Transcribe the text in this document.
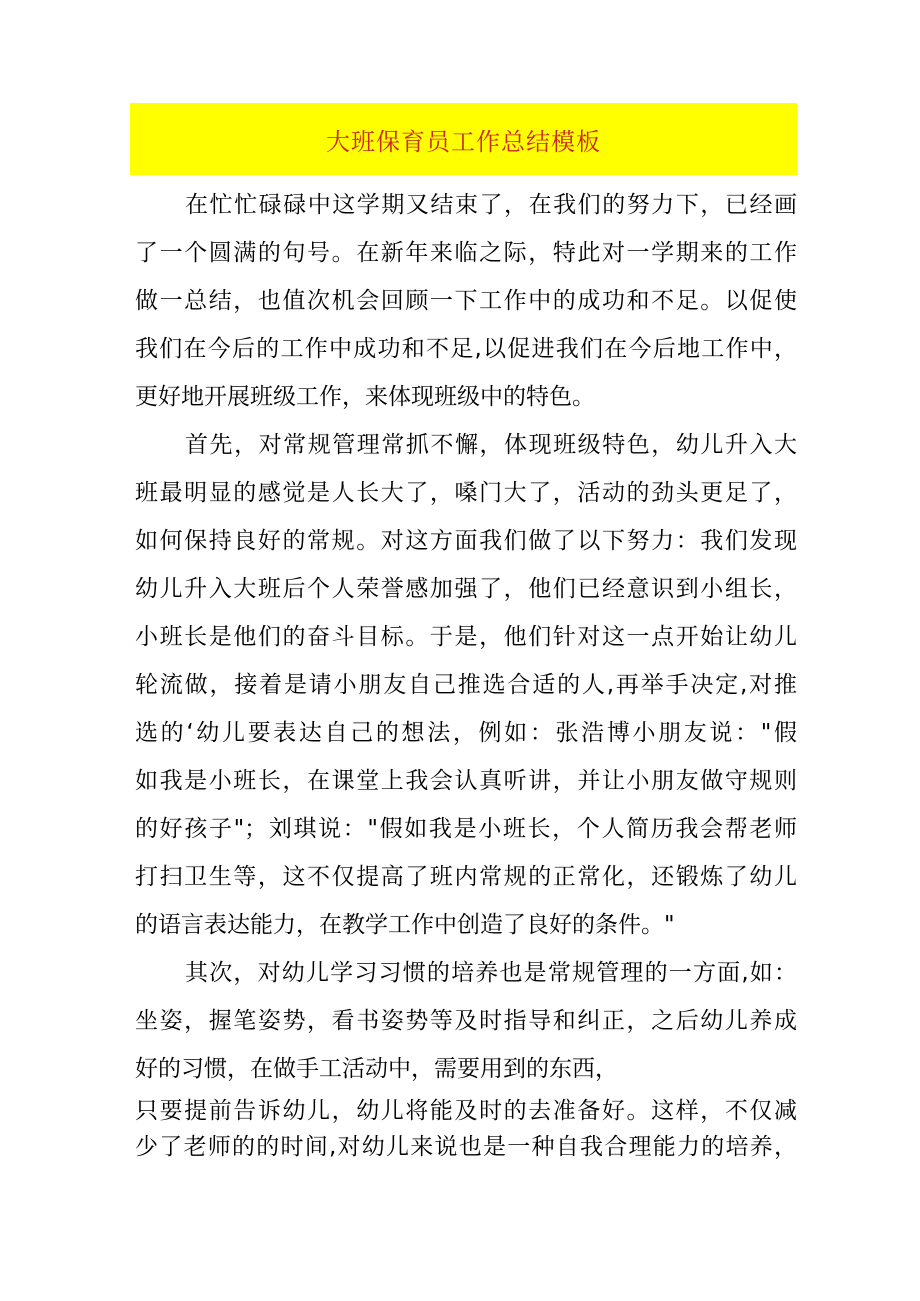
大班保育员工作总结模板
在忙忙碌碌中这学期又结束了，在我们的努力下，已经画
了一个圆满的句号。在新年来临之际，特此对一学期来的工作
做一总结，也值次机会回顾一下工作中的成功和不足。以促使
我们在今后的工作中成功和不足,以促进我们在今后地工作中，
更好地开展班级工作，来体现班级中的特色。
首先，对常规管理常抓不懈，体现班级特色，幼儿升入大
班最明显的感觉是人长大了，嗓门大了，活动的劲头更足了，
如何保持良好的常规。对这方面我们做了以下努力：我们发现
幼儿升入大班后个人荣誉感加强了，他们已经意识到小组长，
小班长是他们的奋斗目标。于是，他们针对这一点开始让幼儿
轮流做，接着是请小朋友自己推选合适的人,再举手决定,对推
选的‘幼儿要表达自己的想法，例如：张浩博小朋友说："假
如我是小班长，在课堂上我会认真听讲，并让小朋友做守规则
的好孩子"；刘琪说："假如我是小班长，个人简历我会帮老师
打扫卫生等，这不仅提高了班内常规的正常化，还锻炼了幼儿
的语言表达能力，在教学工作中创造了良好的条件。"
其次，对幼儿学习习惯的培养也是常规管理的一方面,如：
坐姿，握笔姿势，看书姿势等及时指导和纠正，之后幼儿养成
好的习惯，在做手工活动中，需要用到的东西，
只要提前告诉幼儿，幼儿将能及时的去准备好。这样，不仅减
少了老师的的时间,对幼儿来说也是一种自我合理能力的培养，
